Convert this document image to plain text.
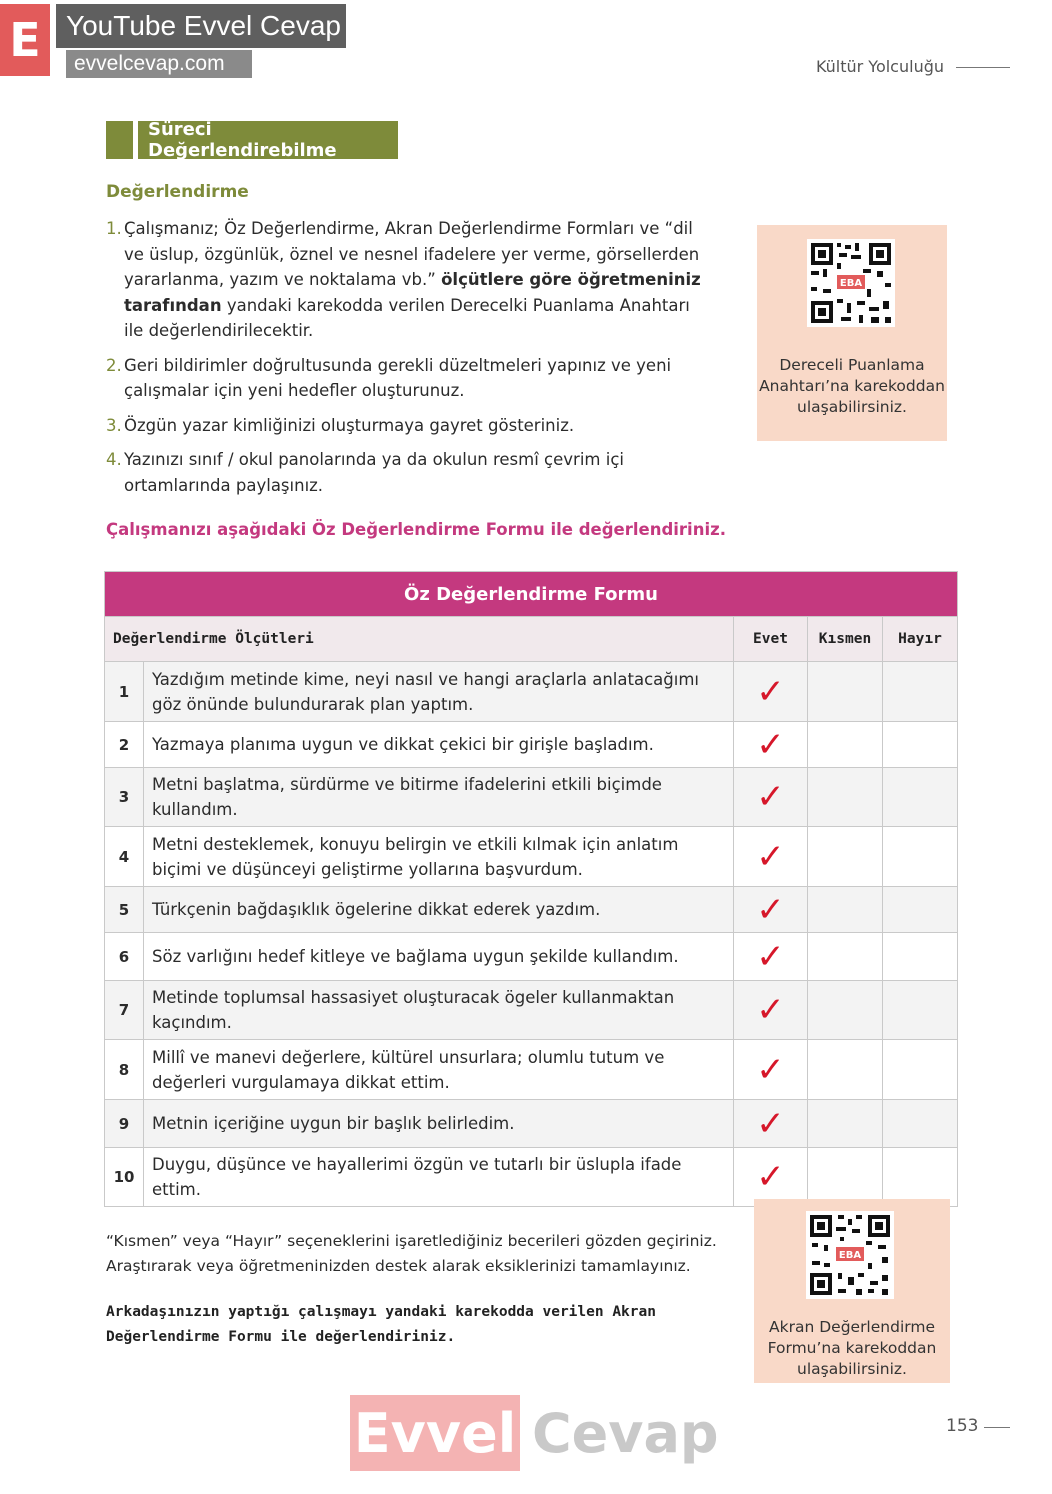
E YouTube Evvel Cevap
evvelcevap.com	Kültür Yolculuğu
Süreci Değerlendirebilme
Değerlendirme
1. Çalışmanız; Öz Değerlendirme, Akran Değerlendirme Formları ve “dil ve üslup, özgünlük, öznel ve nesnel ifadelere yer verme, görsellerden yararlanma, yazım ve noktalama vb.” ölçütlere göre öğretmeniniz tarafından yandaki karekodda verilen Derecelki Puanlama Anahtarı ile değerlendirilecektir.
2. Geri bildirimler doğrultusunda gerekli düzeltmeleri yapınız ve yeni çalışmalar için yeni hedefler oluşturunuz.
3. Özgün yazar kimliğinizi oluşturmaya gayret gösteriniz.
4. Yazınızı sınıf / okul panolarında ya da okulun resmî çevrim içi ortamlarında paylaşınız.
EBA
Dereceli Puanlama Anahtarı’na karekoddan ulaşabilirsiniz.
Çalışmanızı aşağıdaki Öz Değerlendirme Formu ile değerlendiriniz.
Öz Değerlendirme Formu				
Değerlendirme Ölçütleri		Evet	Kısmen	Hayır
1	Yazdığım metinde kime, neyi nasıl ve hangi araçlarla anlatacağımı göz önünde bulundurarak plan yaptım.	✓		
2	Yazmaya planıma uygun ve dikkat çekici bir girişle başladım.	✓		
3	Metni başlatma, sürdürme ve bitirme ifadelerini etkili biçimde kullandım.	✓		
4	Metni desteklemek, konuyu belirgin ve etkili kılmak için anlatım biçimi ve düşünceyi geliştirme yollarına başvurdum.	✓		
5	Türkçenin bağdaşıklık ögelerine dikkat ederek yazdım.	✓		
6	Söz varlığını hedef kitleye ve bağlama uygun şekilde kullandım.	✓		
7	Metinde toplumsal hassasiyet oluşturacak ögeler kullanmaktan kaçındım.	✓		
8	Millî ve manevi değerlere, kültürel unsurlara; olumlu tutum ve değerleri vurgulamaya dikkat ettim.	✓		
9	Metnin içeriğine uygun bir başlık belirledim.	✓		
10	Duygu, düşünce ve hayallerimi özgün ve tutarlı bir üslupla ifade ettim.	✓		
“Kısmen” veya “Hayır” seçeneklerini işaretlediğiniz becerileri gözden geçiriniz. Araştırarak veya öğretmeninizden destek alarak eksiklerinizi tamamlayınız.
Arkadaşınızın yaptığı çalışmayı yandaki karekodda verilen Akran Değerlendirme Formu ile değerlendiriniz.
EBA
Akran Değerlendirme Formu’na karekoddan ulaşabilirsiniz.
Evvel Cevap	153
